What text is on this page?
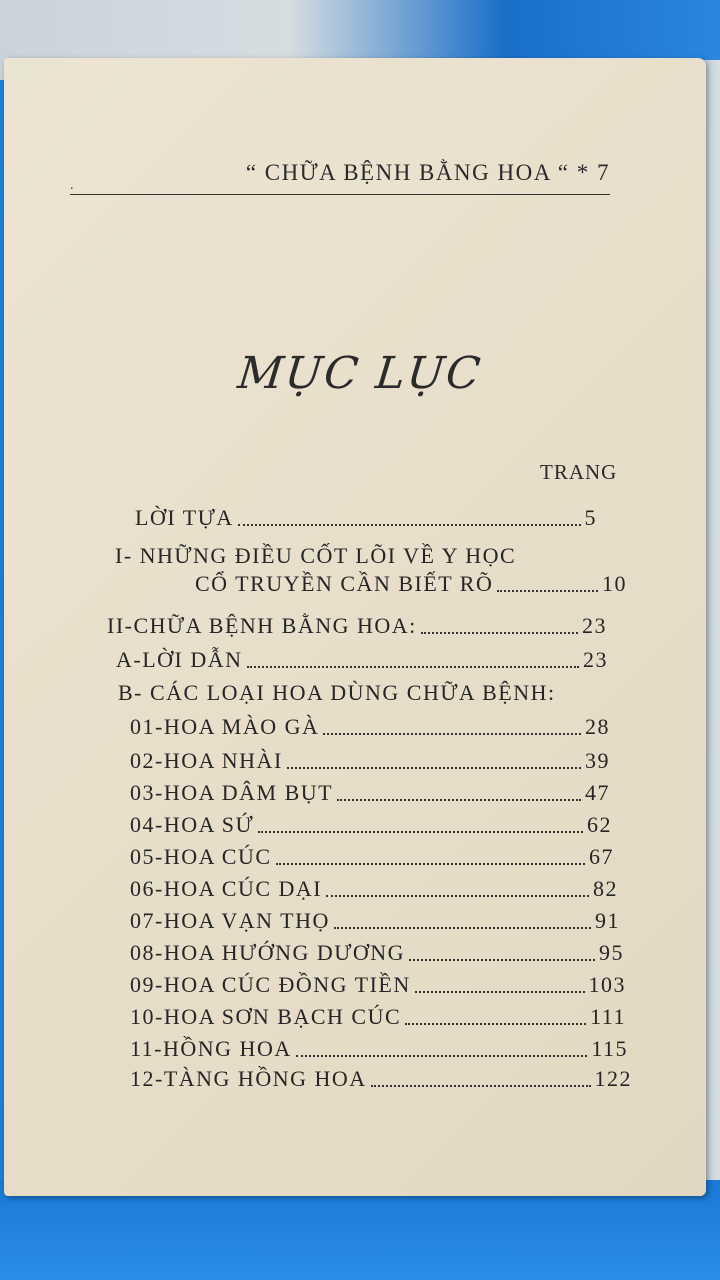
.
“ CHỮA BỆNH BẰNG HOA “ * 7
MỤC LỤC
TRANG
LỜI TỰA	5
I- NHỮNG ĐIỀU CỐT LÕI VỀ Y HỌC
CỔ TRUYỀN CẦN BIẾT RÕ	10
II-CHỮA BỆNH BẰNG HOA:	23
A-LỜI DẪN	23
B- CÁC LOẠI HOA DÙNG CHỮA BỆNH:
01-HOA MÀO GÀ	28
02-HOA NHÀI	39
03-HOA DÂM BỤT	47
04-HOA SỨ	62
05-HOA CÚC	67
06-HOA CÚC DẠI	82
07-HOA VẠN THỌ	91
08-HOA HƯỚNG DƯƠNG	95
09-HOA CÚC ĐỒNG TIỀN	103
10-HOA SƠN BẠCH CÚC	111
11-HỒNG HOA	115
12-TÀNG HỒNG HOA	122
